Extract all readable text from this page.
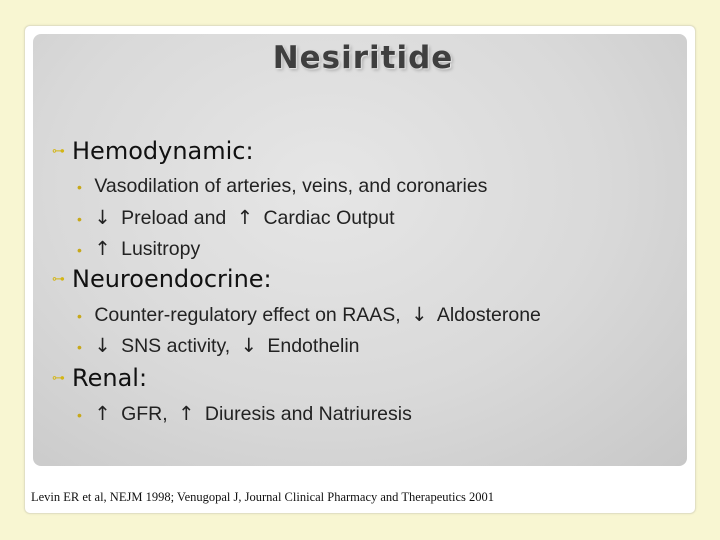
Nesiritide
⊶ Hemodynamic:
• Vasodilation of arteries, veins, and coronaries
• ↓ Preload and ↑ Cardiac Output
• ↑ Lusitropy
⊶ Neuroendocrine:
• Counter-regulatory effect on RAAS, ↓ Aldosterone
• ↓ SNS activity, ↓ Endothelin
⊶ Renal:
• ↑ GFR, ↑ Diuresis and Natriuresis
Levin ER et al, NEJM 1998; Venugopal J, Journal Clinical Pharmacy and Therapeutics 2001
